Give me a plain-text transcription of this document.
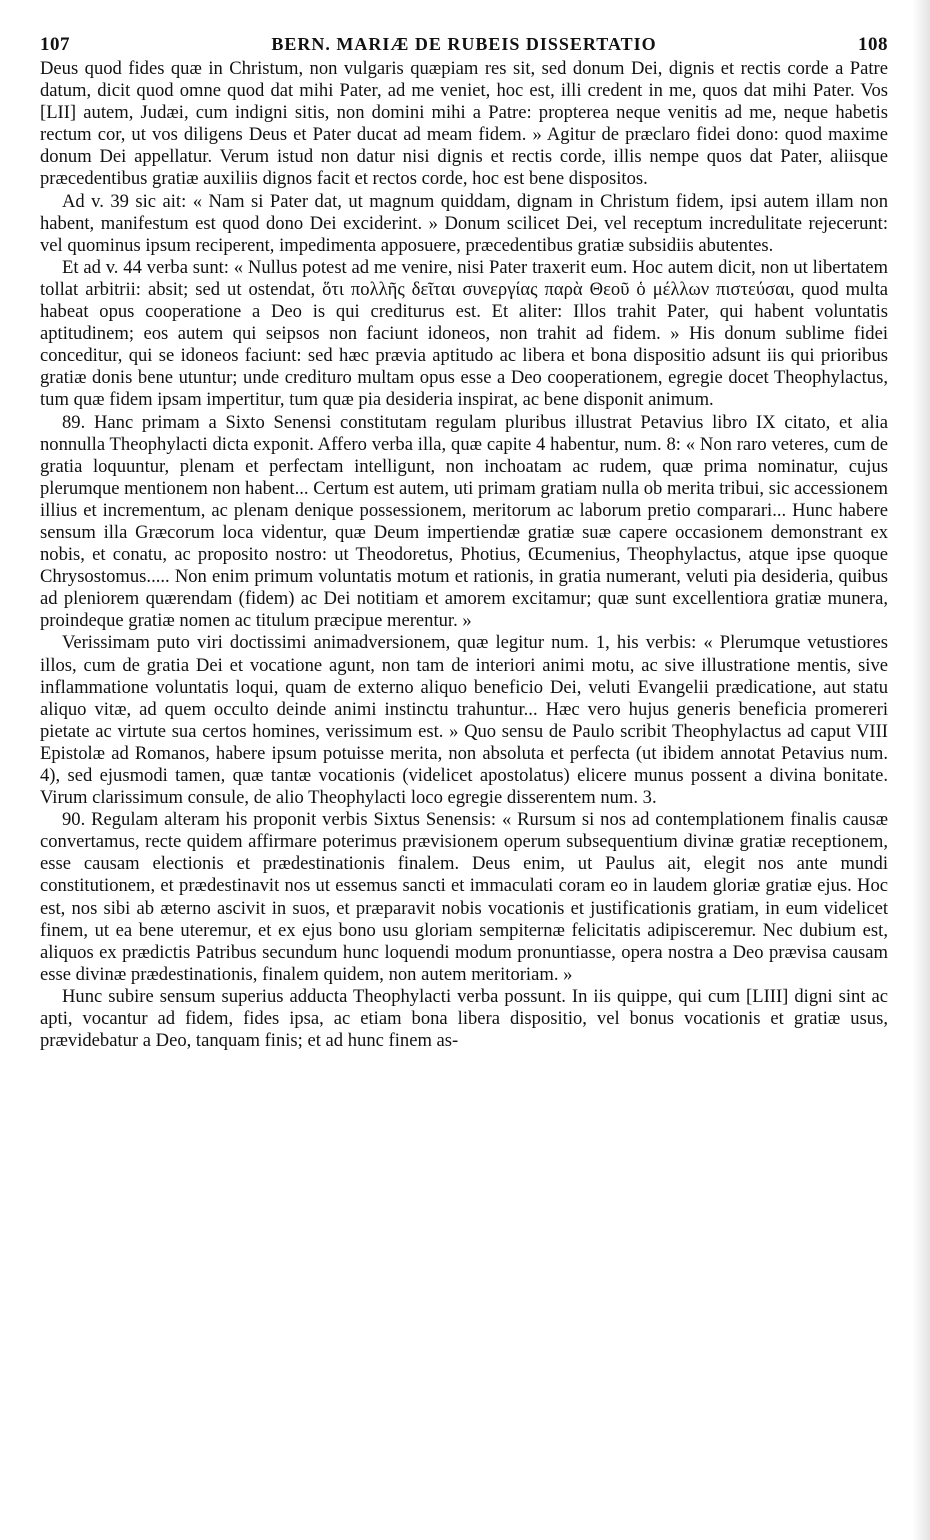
107	BERN. MARIÆ DE RUBEIS DISSERTATIO	108

Deus quod fides quæ in Christum, non vulgaris quæpiam res sit, sed donum Dei, dignis et rectis corde a Patre datum, dicit quod omne quod dat mihi Pater, ad me veniet, hoc est, illi credent in me, quos dat mihi Pater. Vos [LII] autem, Judæi, cum indigni sitis, non domini mihi a Patre: propterea neque venitis ad me, neque habetis rectum cor, ut vos diligens Deus et Pater ducat ad meam fidem. » Agitur de præclaro fidei dono: quod maxime donum Dei appellatur. Verum istud non datur nisi dignis et rectis corde, illis nempe quos dat Pater, aliisque præcedentibus gratiæ auxiliis dignos facit et rectos corde, hoc est bene dispositos.

Ad v. 39 sic ait: « Nam si Pater dat, ut magnum quiddam, dignam in Christum fidem, ipsi autem illam non habent, manifestum est quod dono Dei exciderint. » Donum scilicet Dei, vel receptum incredulitate rejecerunt: vel quominus ipsum reciperent, impedimenta apposuere, præcedentibus gratiæ subsidiis abutentes.

Et ad v. 44 verba sunt: « Nullus potest ad me venire, nisi Pater traxerit eum. Hoc autem dicit, non ut libertatem tollat arbitrii: absit; sed ut ostendat, ὅτι πολλῆς δεῖται συνεργίας παρὰ Θεοῦ ὁ μέλλων πιστεύσαι, quod multa habeat opus cooperatione a Deo is qui crediturus est. Et aliter: Illos trahit Pater, qui habent voluntatis aptitudinem; eos autem qui seipsos non faciunt idoneos, non trahit ad fidem. » His donum sublime fidei conceditur, qui se idoneos faciunt: sed hæc prævia aptitudo ac libera et bona dispositio adsunt iis qui prioribus gratiæ donis bene utuntur; unde credituro multam opus esse a Deo cooperationem, egregie docet Theophylactus, tum quæ fidem ipsam impertitur, tum quæ pia desideria inspirat, ac bene disponit animum.

89. Hanc primam a Sixto Senensi constitutam regulam pluribus illustrat Petavius libro IX citato, et alia nonnulla Theophylacti dicta exponit. Affero verba illa, quæ capite 4 habentur, num. 8: « Non raro veteres, cum de gratia loquuntur, plenam et perfectam intelligunt, non inchoatam ac rudem, quæ prima nominatur, cujus plerumque mentionem non habent... Certum est autem, uti primam gratiam nulla ob merita tribui, sic accessionem illius et incrementum, ac plenam denique possessionem, meritorum ac laborum pretio comparari... Hunc habere sensum illa Græcorum loca videntur, quæ Deum impertiendæ gratiæ suæ capere occasionem demonstrant ex nobis, et conatu, ac proposito nostro: ut Theodoretus, Photius, Œcumenius, Theophylactus, atque ipse quoque Chrysostomus..... Non enim primum voluntatis motum et rationis, in gratia numerant, veluti pia desideria, quibus ad pleniorem quærendam (fidem) ac Dei notitiam et amorem excitamur; quæ sunt excellentiora gratiæ munera, proindeque gratiæ nomen ac titulum præcipue merentur. »

Verissimam puto viri doctissimi animadversionem, quæ legitur num. 1, his verbis: « Plerumque vetustiores illos, cum de gratia Dei et vocatione agunt, non tam de interiori animi motu, ac sive illustratione mentis, sive inflammatione voluntatis loqui, quam de externo aliquo beneficio Dei, veluti Evangelii prædicatione, aut statu aliquo vitæ, ad quem occulto deinde animi instinctu trahuntur... Hæc vero hujus generis beneficia promereri pietate ac virtute sua certos homines, verissimum est. » Quo sensu de Paulo scribit Theophylactus ad caput VIII Epistolæ ad Romanos, habere ipsum potuisse merita, non absoluta et perfecta (ut ibidem annotat Petavius num. 4), sed ejusmodi tamen, quæ tantæ vocationis (videlicet apostolatus) elicere munus possent a divina bonitate. Virum clarissimum consule, de alio Theophylacti loco egregie disserentem num. 3.

90. Regulam alteram his proponit verbis Sixtus Senensis: « Rursum si nos ad contemplationem finalis causæ convertamus, recte quidem affirmare poterimus prævisionem operum subsequentium divinæ gratiæ receptionem, esse causam electionis et prædestinationis finalem. Deus enim, ut Paulus ait, elegit nos ante mundi constitutionem, et prædestinavit nos ut essemus sancti et immaculati coram eo in laudem gloriæ gratiæ ejus. Hoc est, nos sibi ab æterno ascivit in suos, et præparavit nobis vocationis et justificationis gratiam, in eum videlicet finem, ut ea bene uteremur, et ex ejus bono usu gloriam sempiternæ felicitatis adipisceremur. Nec dubium est, aliquos ex prædictis Patribus secundum hunc loquendi modum pronuntiasse, opera nostra a Deo prævisa causam esse divinæ prædestinationis, finalem quidem, non autem meritoriam. »

Hunc subire sensum superius adducta Theophylacti verba possunt. In iis quippe, qui cum [LIII] digni sint ac apti, vocantur ad fidem, fides ipsa, ac etiam bona libera dispositio, vel bonus vocationis et gratiæ usus, prævidebatur a Deo, tanquam finis; et ad hunc finem as-
